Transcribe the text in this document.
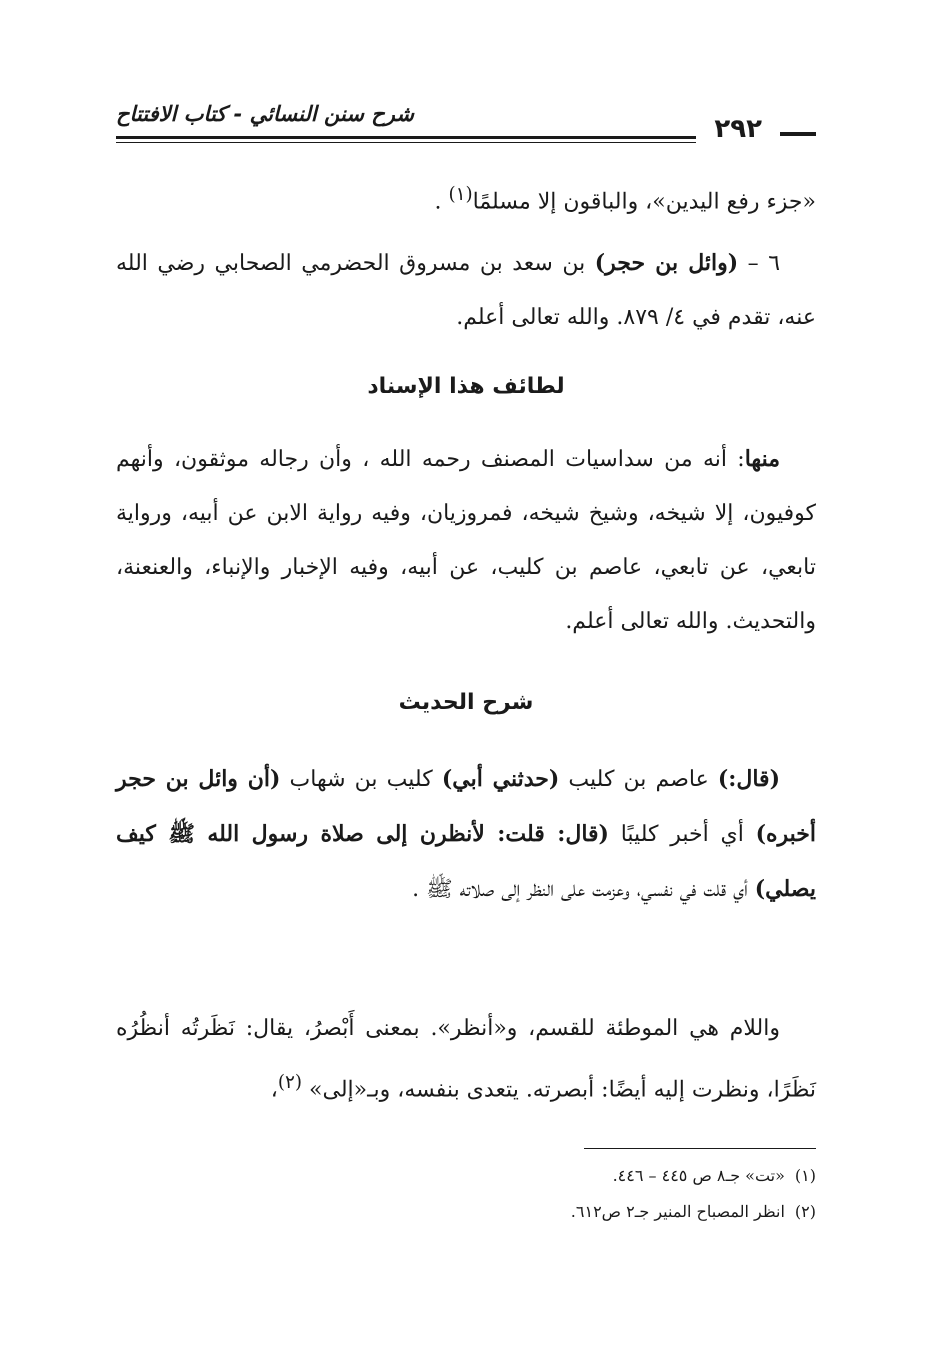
٢٩٢
شرح سنن النسائي - كتاب الافتتاح

«جزء رفع اليدين»، والباقون إلا مسلمًا$^{(١)}$ .

٦ – (وائل بن حجر) بن سعد بن مسروق الحضرمي الصحابي رضي الله عنه، تقدم في ٤/ ٨٧٩. والله تعالى أعلم.

لطائف هذا الإسناد

منها: أنه من سداسيات المصنف رحمه الله ، وأن رجاله موثقون، وأنهم كوفيون، إلا شيخه، وشيخ شيخه، فمروزيان، وفيه رواية الابن عن أبيه، ورواية تابعي، عن تابعي، عاصم بن كليب، عن أبيه، وفيه الإخبار والإنباء، والعنعنة، والتحديث. والله تعالى أعلم.

شرح الحديث

(قال:) عاصم بن كليب (حدثني أبي) كليب بن شهاب (أن وائل بن حجر أخبره) أي أخبر كليبًا (قال: قلت: لأنظرن إلى صلاة رسول الله ﷺ كيف يصلي) أي قلت في نفسي، وعزمت على النظر إلى صلاته ﷺ .

واللام هي الموطئة للقسم، و«أنظر». بمعنى أَبْصرُ، يقال: نَظَرتُه أنظُرُه نَظَرًا، ونظرت إليه أيضًا: أبصرته. يتعدى بنفسه، وبـ«إلى» $^{(٢)}$،

(١)«تت» جـ٨ ص ٤٤٥ – ٤٤٦.

(٢)انظر المصباح المنير جـ٢ ص٦١٢.
